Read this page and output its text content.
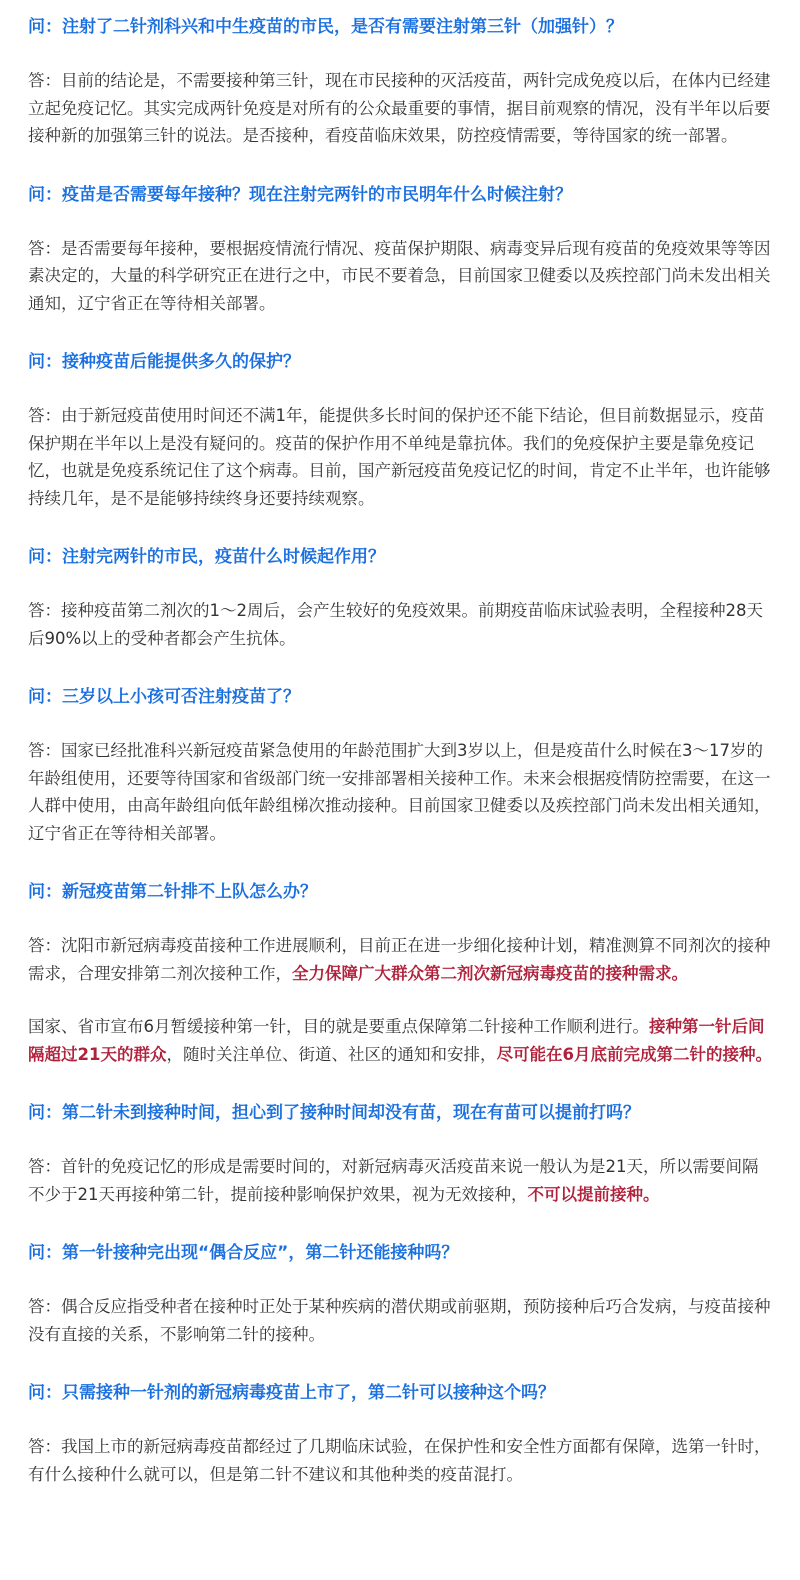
问：注射了二针剂科兴和中生疫苗的市民，是否有需要注射第三针（加强针）？

答：目前的结论是，不需要接种第三针，现在市民接种的灭活疫苗，两针完成免疫以后，在体内已经建立起免疫记忆。其实完成两针免疫是对所有的公众最重要的事情，据目前观察的情况，没有半年以后要接种新的加强第三针的说法。是否接种，看疫苗临床效果，防控疫情需要，等待国家的统一部署。

问：疫苗是否需要每年接种？现在注射完两针的市民明年什么时候注射？

答：是否需要每年接种，要根据疫情流行情况、疫苗保护期限、病毒变异后现有疫苗的免疫效果等等因素决定的，大量的科学研究正在进行之中，市民不要着急，目前国家卫健委以及疾控部门尚未发出相关通知，辽宁省正在等待相关部署。

问：接种疫苗后能提供多久的保护？

答：由于新冠疫苗使用时间还不满1年，能提供多长时间的保护还不能下结论，但目前数据显示，疫苗保护期在半年以上是没有疑问的。疫苗的保护作用不单纯是靠抗体。我们的免疫保护主要是靠免疫记忆，也就是免疫系统记住了这个病毒。目前，国产新冠疫苗免疫记忆的时间，肯定不止半年，也许能够持续几年，是不是能够持续终身还要持续观察。

问：注射完两针的市民，疫苗什么时候起作用？

答：接种疫苗第二剂次的1～2周后，会产生较好的免疫效果。前期疫苗临床试验表明，全程接种28天后90%以上的受种者都会产生抗体。

问：三岁以上小孩可否注射疫苗了？

答：国家已经批准科兴新冠疫苗紧急使用的年龄范围扩大到3岁以上，但是疫苗什么时候在3～17岁的年龄组使用，还要等待国家和省级部门统一安排部署相关接种工作。未来会根据疫情防控需要，在这一人群中使用，由高年龄组向低年龄组梯次推动接种。目前国家卫健委以及疾控部门尚未发出相关通知，辽宁省正在等待相关部署。

问：新冠疫苗第二针排不上队怎么办？

答：沈阳市新冠病毒疫苗接种工作进展顺利，目前正在进一步细化接种计划，精准测算不同剂次的接种需求，合理安排第二剂次接种工作，全力保障广大群众第二剂次新冠病毒疫苗的接种需求。

国家、省市宣布6月暂缓接种第一针，目的就是要重点保障第二针接种工作顺利进行。接种第一针后间隔超过21天的群众，随时关注单位、街道、社区的通知和安排，尽可能在6月底前完成第二针的接种。

问：第二针未到接种时间，担心到了接种时间却没有苗，现在有苗可以提前打吗？

答：首针的免疫记忆的形成是需要时间的，对新冠病毒灭活疫苗来说一般认为是21天，所以需要间隔不少于21天再接种第二针，提前接种影响保护效果，视为无效接种，不可以提前接种。

问：第一针接种完出现“偶合反应”，第二针还能接种吗？

答：偶合反应指受种者在接种时正处于某种疾病的潜伏期或前驱期，预防接种后巧合发病，与疫苗接种没有直接的关系，不影响第二针的接种。

问：只需接种一针剂的新冠病毒疫苗上市了，第二针可以接种这个吗？

答：我国上市的新冠病毒疫苗都经过了几期临床试验，在保护性和安全性方面都有保障，选第一针时，有什么接种什么就可以，但是第二针不建议和其他种类的疫苗混打。
